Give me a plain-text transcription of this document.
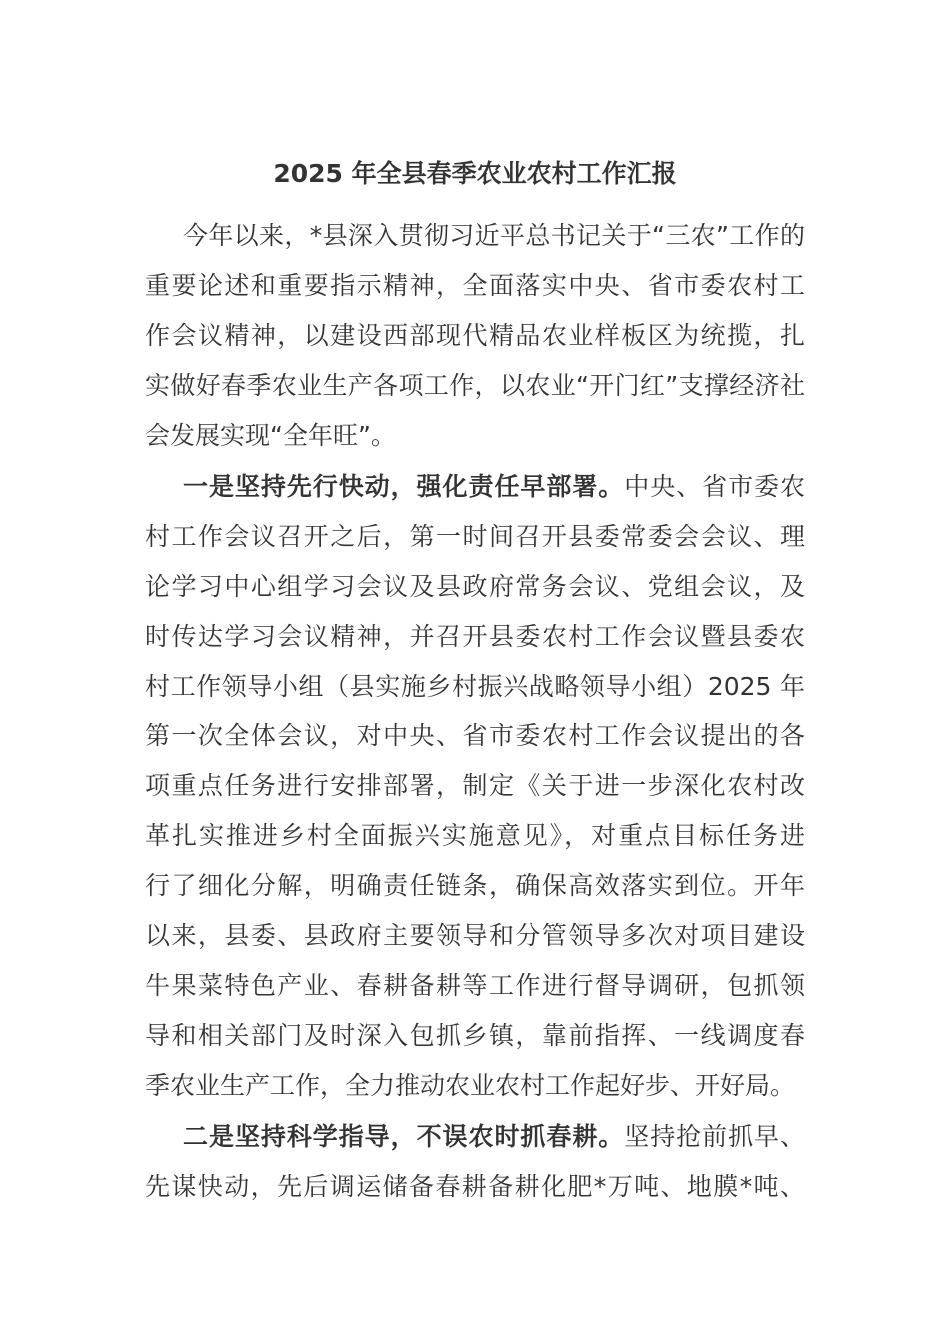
2025 年全县春季农业农村工作汇报
今年以来，*县深入贯彻习近平总书记关于“三农”工作的
重要论述和重要指示精神，全面落实中央、省市委农村工
作会议精神，以建设西部现代精品农业样板区为统揽，扎
实做好春季农业生产各项工作，以农业“开门红”支撑经济社
会发展实现“全年旺”。
一是坚持先行快动，强化责任早部署。中央、省市委农
村工作会议召开之后，第一时间召开县委常委会会议、理
论学习中心组学习会议及县政府常务会议、党组会议，及
时传达学习会议精神，并召开县委农村工作会议暨县委农
村工作领导小组（县实施乡村振兴战略领导小组）2025 年
第一次全体会议，对中央、省市委农村工作会议提出的各
项重点任务进行安排部署，制定《关于进一步深化农村改
革扎实推进乡村全面振兴实施意见》，对重点目标任务进
行了细化分解，明确责任链条，确保高效落实到位。开年
以来，县委、县政府主要领导和分管领导多次对项目建设
牛果菜特色产业、春耕备耕等工作进行督导调研，包抓领
导和相关部门及时深入包抓乡镇，靠前指挥、一线调度春
季农业生产工作，全力推动农业农村工作起好步、开好局。
二是坚持科学指导，不误农时抓春耕。坚持抢前抓早、
先谋快动，先后调运储备春耕备耕化肥*万吨、地膜*吨、
